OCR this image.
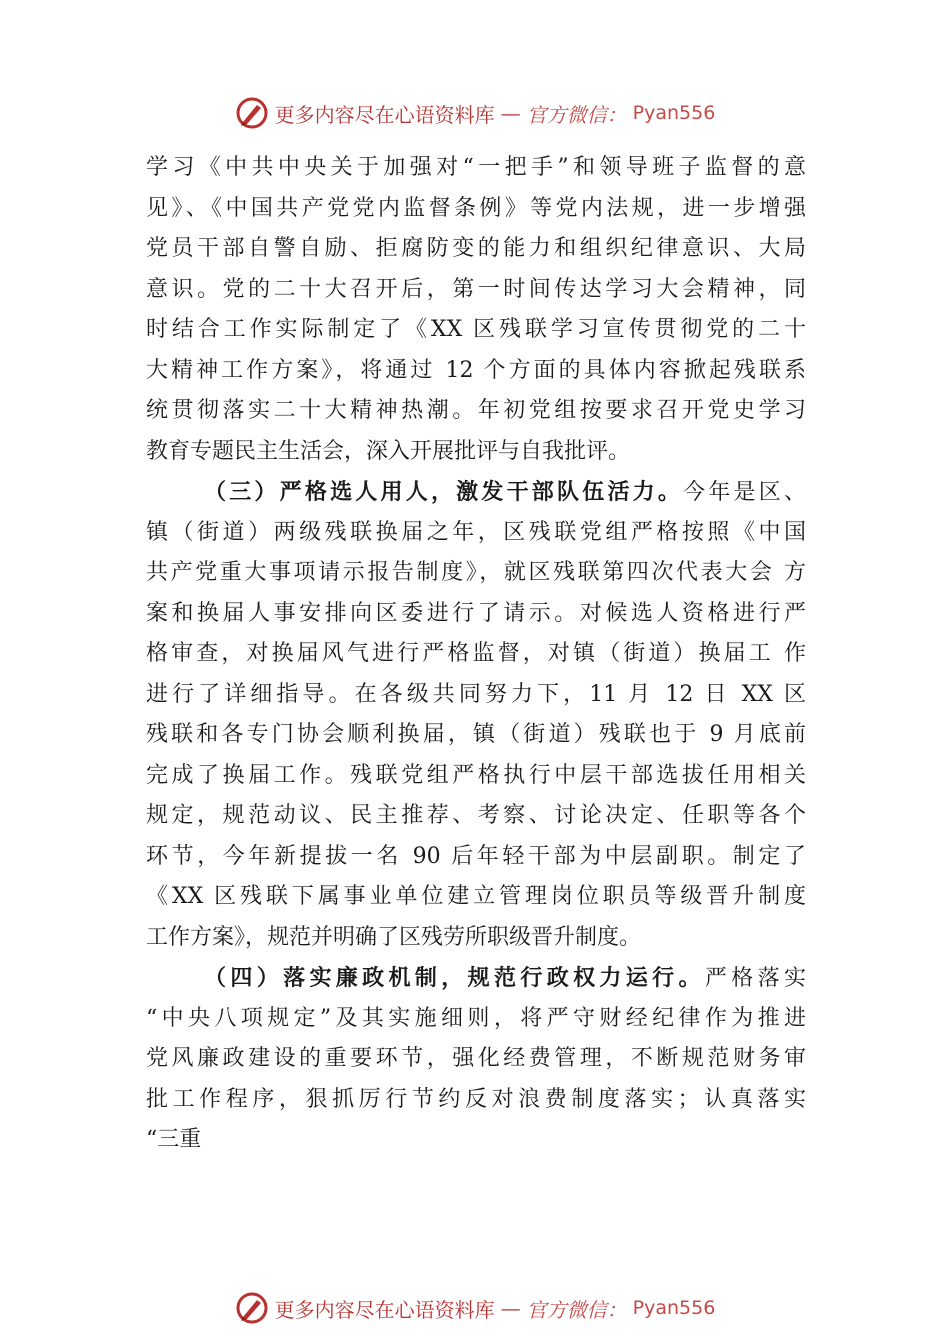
更多内容尽在心语资料库 — 官方微信： Pyan556
学习《中共中央关于加强对“一把手”和领导班子监督的意
见》、《中国共产党党内监督条例》等党内法规，进一步增强
党员干部自警自励、拒腐防变的能力和组织纪律意识、大局
意识。党的二十大召开后，第一时间传达学习大会精神，同
时结合工作实际制定了《XX 区残联学习宣传贯彻党的二十
大精神工作方案》，将通过 12 个方面的具体内容掀起残联系
统贯彻落实二十大精神热潮。年初党组按要求召开党史学习
教育专题民主生活会，深入开展批评与自我批评。
（三）严格选人用人，激发干部队伍活力。今年是区、
镇（街道）两级残联换届之年，区残联党组严格按照《中国
共产党重大事项请示报告制度》，就区残联第四次代表大会 方
案和换届人事安排向区委进行了请示。对候选人资格进行严
格审查，对换届风气进行严格监督，对镇（街道）换届工 作
进行了详细指导。在各级共同努力下，11 月 12 日 XX 区
残联和各专门协会顺利换届，镇（街道）残联也于 9 月底前
完成了换届工作。残联党组严格执行中层干部选拔任用相关
规定，规范动议、民主推荐、考察、讨论决定、任职等各个
环节，今年新提拔一名 90 后年轻干部为中层副职。制定了
《XX 区残联下属事业单位建立管理岗位职员等级晋升制度
工作方案》，规范并明确了区残劳所职级晋升制度。
（四）落实廉政机制，规范行政权力运行。严格落实
“中央八项规定”及其实施细则，将严守财经纪律作为推进
党风廉政建设的重要环节，强化经费管理，不断规范财务审
批工作程序，狠抓厉行节约反对浪费制度落实；认真落实
“三重
更多内容尽在心语资料库 — 官方微信： Pyan556
